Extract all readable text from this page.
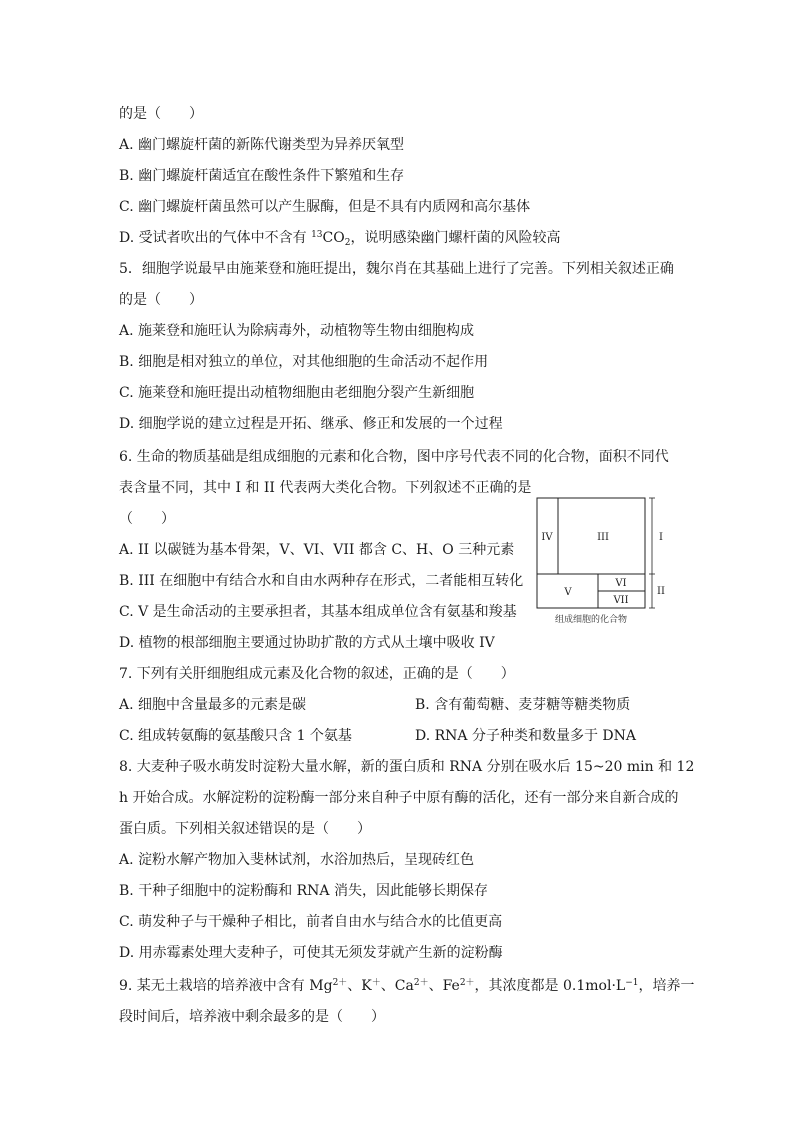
的是（　　）
A. 幽门螺旋杆菌的新陈代谢类型为异养厌氧型
B. 幽门螺旋杆菌适宜在酸性条件下繁殖和生存
C. 幽门螺旋杆菌虽然可以产生脲酶，但是不具有内质网和高尔基体
D. 受试者吹出的气体中不含有 $^{13}CO_2$，说明感染幽门螺杆菌的风险较高
5．细胞学说最早由施莱登和施旺提出，魏尔肖在其基础上进行了完善。下列相关叙述正确
的是（　　）
A. 施莱登和施旺认为除病毒外，动植物等生物由细胞构成
B. 细胞是相对独立的单位，对其他细胞的生命活动不起作用
C. 施莱登和施旺提出动植物细胞由老细胞分裂产生新细胞
D. 细胞学说的建立过程是开拓、继承、修正和发展的一个过程
6. 生命的物质基础是组成细胞的元素和化合物，图中序号代表不同的化合物，面积不同代
表含量不同，其中 I 和 II 代表两大类化合物。下列叙述不正确的是
（　　）
A. II 以碳链为基本骨架，V、VI、VII 都含 C、H、O 三种元素
B. III 在细胞中有结合水和自由水两种存在形式，二者能相互转化
C. V 是生命活动的主要承担者，其基本组成单位含有氨基和羧基
D. 植物的根部细胞主要通过协助扩散的方式从土壤中吸收 IV
7. 下列有关肝细胞组成元素及化合物的叙述，正确的是（　　）
A. 细胞中含量最多的元素是碳	B. 含有葡萄糖、麦芽糖等糖类物质
C. 组成转氨酶的氨基酸只含 1 个氨基	D. RNA 分子种类和数量多于 DNA
8. 大麦种子吸水萌发时淀粉大量水解，新的蛋白质和 RNA 分别在吸水后 15~20 min 和 12
h 开始合成。水解淀粉的淀粉酶一部分来自种子中原有酶的活化，还有一部分来自新合成的
蛋白质。下列相关叙述错误的是（　　）
A. 淀粉水解产物加入斐林试剂，水浴加热后，呈现砖红色
B. 干种子细胞中的淀粉酶和 RNA 消失，因此能够长期保存
C. 萌发种子与干燥种子相比，前者自由水与结合水的比值更高
D. 用赤霉素处理大麦种子，可使其无须发芽就产生新的淀粉酶
9. 某无土栽培的培养液中含有 $Mg^{2+}$、K＋、$Ca^{2+}$、$Fe^{2+}$，其浓度都是 $0.1mol\cdot L^{-1}$，培养一
段时间后，培养液中剩余最多的是（　　）
IV	III
V
VI
VII
I
II
组成细胞的化合物
